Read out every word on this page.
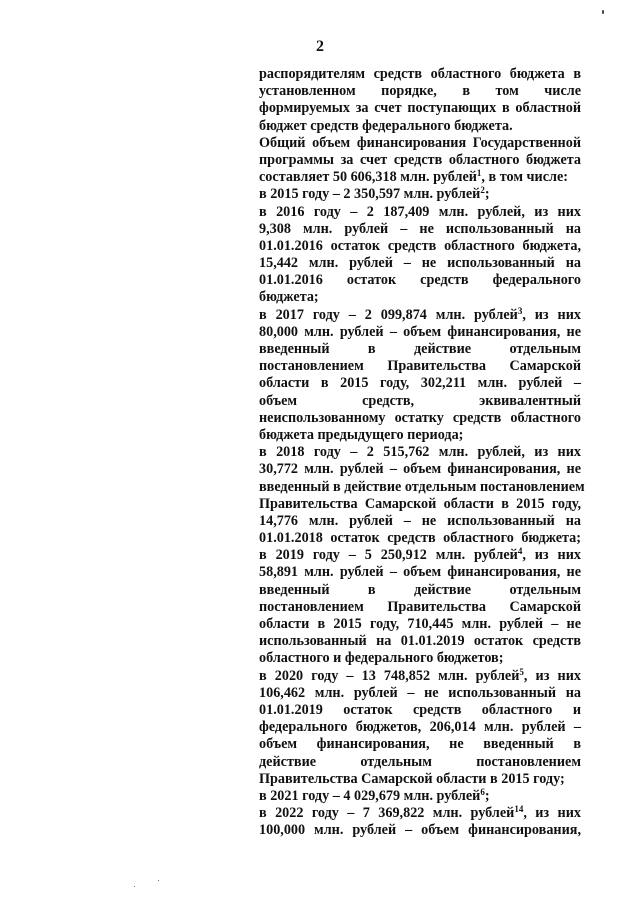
2
распорядителям средств областного бюджета в
установленном порядке, в том числе
формируемых за счет поступающих в областной
бюджет средств федерального бюджета.
Общий объем финансирования Государственной
программы за счет средств областного бюджета
составляет 50 606,318 млн. рублей$^1$, в том числе:
в 2015 году – 2 350,597 млн. рублей$^2$;
в 2016 году – 2 187,409 млн. рублей, из них
9,308 млн. рублей – не использованный на
01.01.2016 остаток средств областного бюджета,
15,442 млн. рублей – не использованный на
01.01.2016 остаток средств федерального
бюджета;
в 2017 году – 2 099,874 млн. рублей$^3$, из них
80,000 млн. рублей – объем финансирования, не
введенный в действие отдельным
постановлением Правительства Самарской
области в 2015 году, 302,211 млн. рублей –
объем средств, эквивалентный
неиспользованному остатку средств областного
бюджета предыдущего периода;
в 2018 году – 2 515,762 млн. рублей, из них
30,772 млн. рублей – объем финансирования, не
введенный в действие отдельным постановлением
Правительства Самарской области в 2015 году,
14,776 млн. рублей – не использованный на
01.01.2018 остаток средств областного бюджета;
в 2019 году – 5 250,912 млн. рублей$^4$, из них
58,891 млн. рублей – объем финансирования, не
введенный в действие отдельным
постановлением Правительства Самарской
области в 2015 году, 710,445 млн. рублей – не
использованный на 01.01.2019 остаток средств
областного и федерального бюджетов;
в 2020 году – 13 748,852 млн. рублей$^5$, из них
106,462 млн. рублей – не использованный на
01.01.2019 остаток средств областного и
федерального бюджетов, 206,014 млн. рублей –
объем финансирования, не введенный в
действие отдельным постановлением
Правительства Самарской области в 2015 году;
в 2021 году – 4 029,679 млн. рублей$^6$;
в 2022 году – 7 369,822 млн. рублей$^{14}$, из них
100,000 млн. рублей – объем финансирования,
